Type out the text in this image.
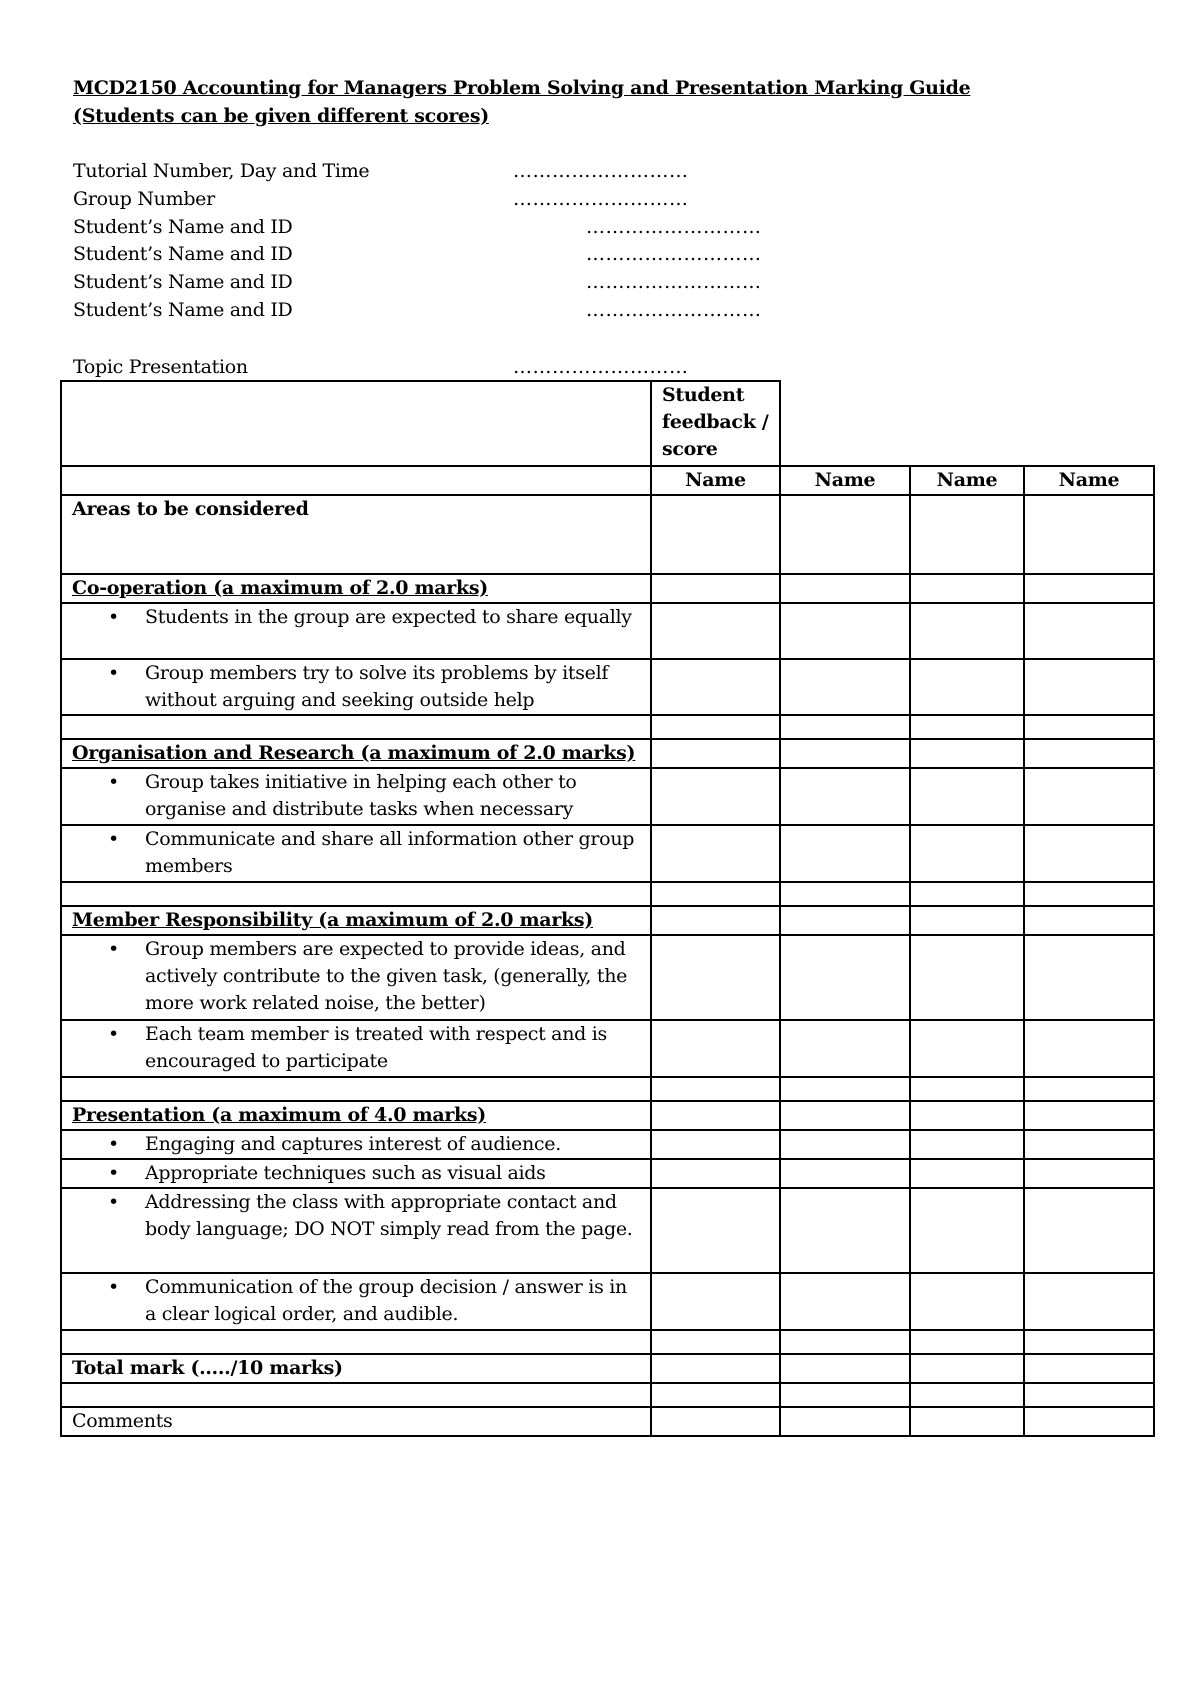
MCD2150 Accounting for Managers Problem Solving and Presentation Marking Guide
(Students can be given different scores)
Tutorial Number, Day and Time	………………………
Group Number	………………………
Student’s Name and ID	………………………
Student’s Name and ID	………………………
Student’s Name and ID	………………………
Student’s Name and ID	………………………
Topic Presentation	………………………
	Student feedback / score			
	Name	Name	Name	Name
Areas to be considered				
Co-operation (a maximum of 2.0 marks)				

• Students in the group are expected to share equally				

• Group members try to solve its problems by itself without arguing and seeking outside help				

Organisation and Research (a maximum of 2.0 marks)				

• Group takes initiative in helping each other to organise and distribute tasks when necessary				

• Communicate and share all information other group members				

Member Responsibility (a maximum of 2.0 marks)				

• Group members are expected to provide ideas, and actively contribute to the given task, (generally, the more work related noise, the better)				

• Each team member is treated with respect and is encouraged to participate				

Presentation (a maximum of 4.0 marks)				

• Engaging and captures interest of audience.				

• Appropriate techniques such as visual aids				

• Addressing the class with appropriate contact and body language; DO NOT simply read from the page.				

• Communication of the group decision / answer is in a clear logical order, and audible.				

Total mark (…../10 marks)				

Comments				
